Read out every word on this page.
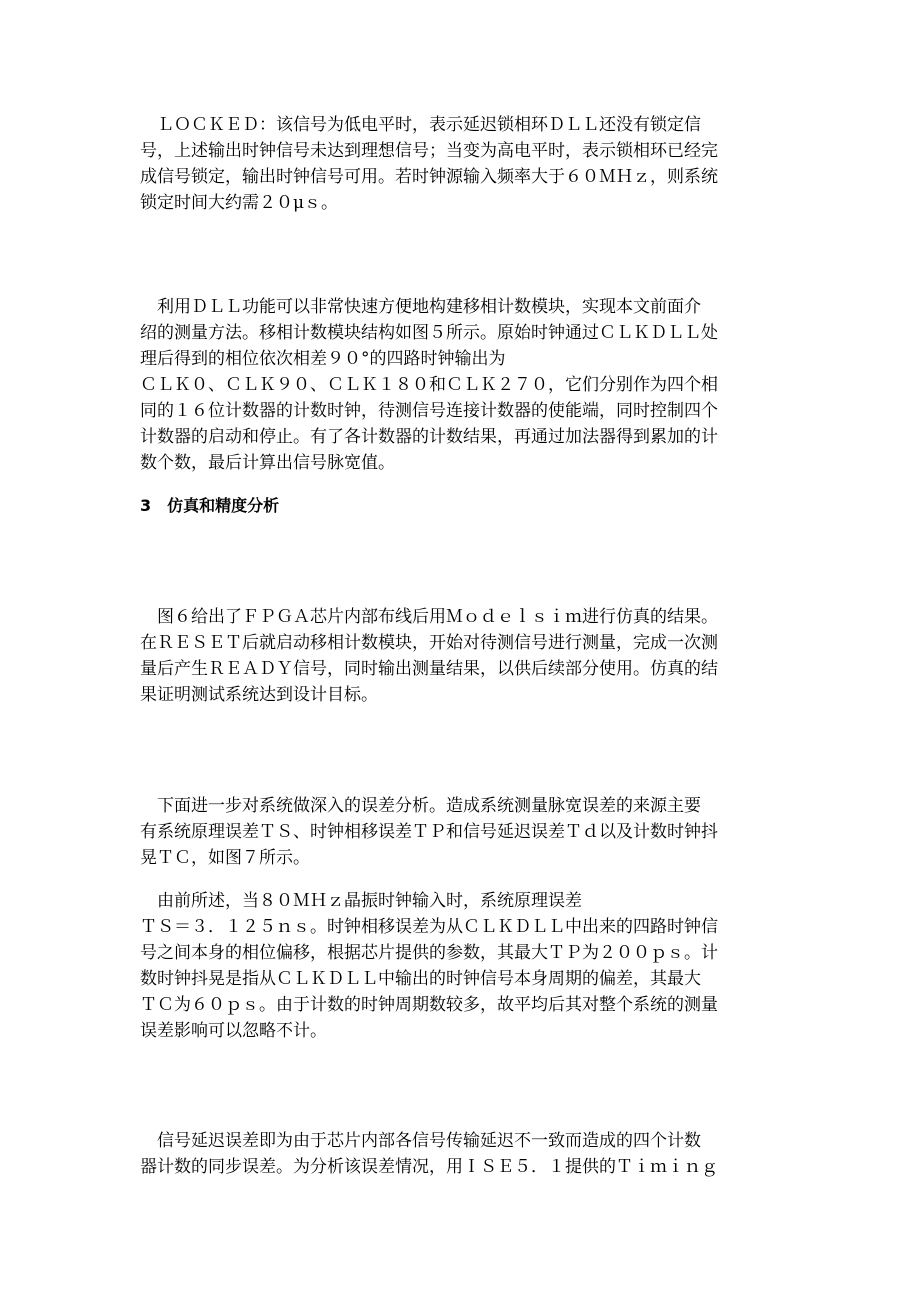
　ＬＯＣＫＥＤ：该信号为低电平时，表示延迟锁相环ＤＬＬ还没有锁定信
号，上述输出时钟信号未达到理想信号；当变为高电平时，表示锁相环已经完
成信号锁定，输出时钟信号可用。若时钟源输入频率大于６０ＭＨｚ，则系统
锁定时间大约需２０μｓ。
　利用ＤＬＬ功能可以非常快速方便地构建移相计数模块，实现本文前面介
绍的测量方法。移相计数模块结构如图５所示。原始时钟通过ＣＬＫＤＬＬ处
理后得到的相位依次相差９０°的四路时钟输出为
ＣＬＫ０、ＣＬＫ９０、ＣＬＫ１８０和ＣＬＫ２７０，它们分别作为四个相
同的１６位计数器的计数时钟，待测信号连接计数器的使能端，同时控制四个
计数器的启动和停止。有了各计数器的计数结果，再通过加法器得到累加的计
数个数，最后计算出信号脉宽值。
3　仿真和精度分析
　图６给出了ＦＰＧＡ芯片内部布线后用Ｍｏｄｅｌｓｉｍ进行仿真的结果。
在ＲＥＳＥＴ后就启动移相计数模块，开始对待测信号进行测量，完成一次测
量后产生ＲＥＡＤＹ信号，同时输出测量结果，以供后续部分使用。仿真的结
果证明测试系统达到设计目标。
　下面进一步对系统做深入的误差分析。造成系统测量脉宽误差的来源主要
有系统原理误差ＴＳ、时钟相移误差ＴＰ和信号延迟误差Ｔｄ以及计数时钟抖
晃ＴＣ，如图７所示。
　由前所述，当８０ＭＨｚ晶振时钟输入时，系统原理误差
ＴＳ＝３．１２５ｎｓ。时钟相移误差为从ＣＬＫＤＬＬ中出来的四路时钟信
号之间本身的相位偏移，根据芯片提供的参数，其最大ＴＰ为２００ｐｓ。计
数时钟抖晃是指从ＣＬＫＤＬＬ中输出的时钟信号本身周期的偏差，其最大
ＴＣ为６０ｐｓ。由于计数的时钟周期数较多，故平均后其对整个系统的测量
误差影响可以忽略不计。
　信号延迟误差即为由于芯片内部各信号传输延迟不一致而造成的四个计数
器计数的同步误差。为分析该误差情况，用ＩＳＥ５．１提供的Ｔｉｍｉｎｇ
